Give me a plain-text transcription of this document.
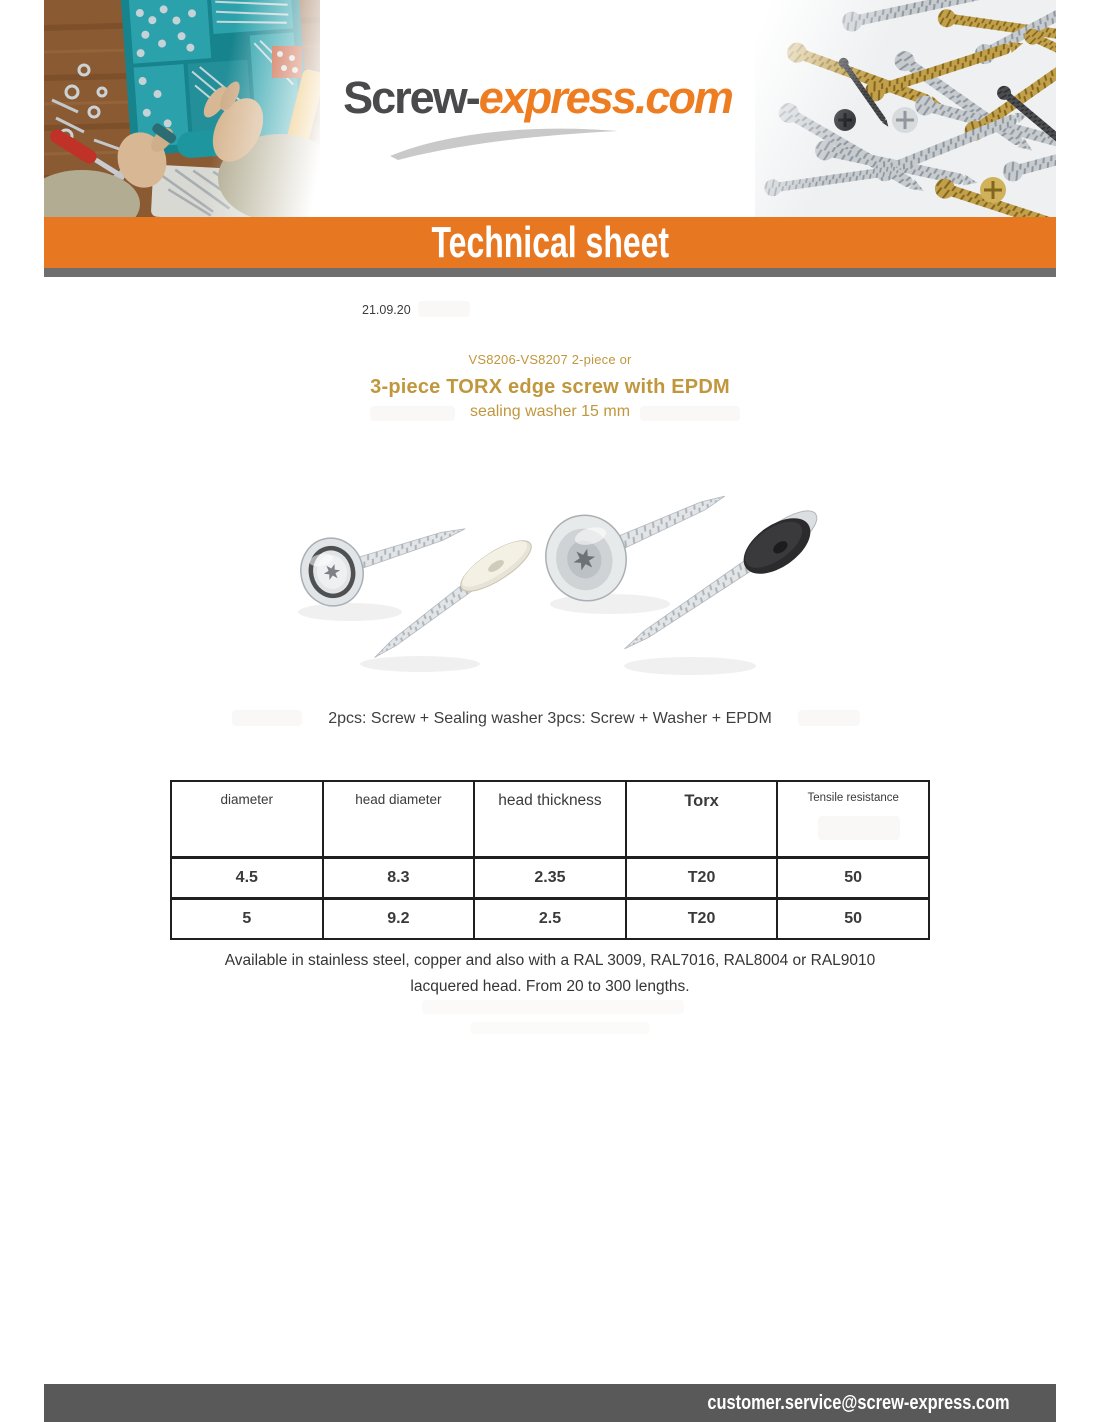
Screw-express.com
Technical sheet
21.09.20
VS8206-VS8207 2-piece or
3-piece TORX edge screw with EPDM
sealing washer 15 mm
2pcs: Screw + Sealing washer 3pcs: Screw + Washer + EPDM
diameter	head diameter	head thickness	Torx	Tensile resistance
4.5	8.3	2.35	T20	50
5	9.2	2.5	T20	50

Available in stainless steel, copper and also with a RAL 3009, RAL7016, RAL8004 or RAL9010
lacquered head. From 20 to 300 lengths.

customer.service@screw-express.com
